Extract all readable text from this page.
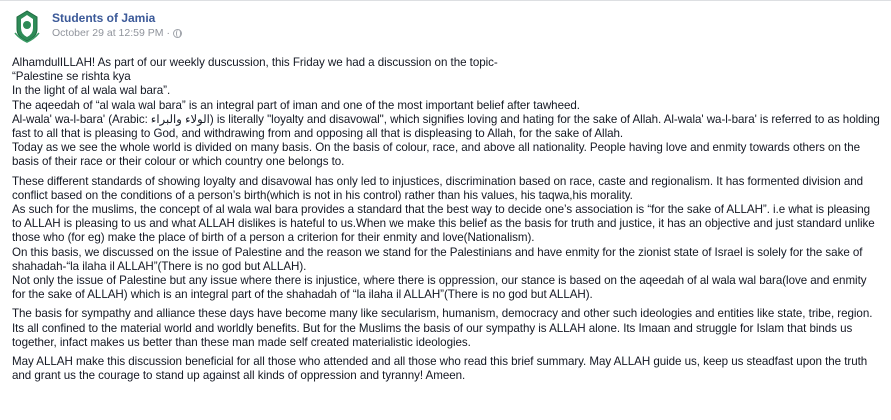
Students of Jamia
October 29 at 12:59 PM ·
AlhamdulILLAH! As part of our weekly duscussion, this Friday we had a discussion on the topic-
“Palestine se rishta kya
In the light of al wala wal bara”.
The aqeedah of “al wala wal bara” is an integral part of iman and one of the most important belief after tawheed.
Al-wala' wa-l-bara' (Arabic: الولاء والبراء) is literally "loyalty and disavowal", which signifies loving and hating for the sake of Allah. Al-wala' wa-l-bara' is referred to as holding fast to all that is pleasing to God, and withdrawing from and opposing all that is displeasing to Allah, for the sake of Allah.
Today as we see the whole world is divided on many basis. On the basis of colour, race, and above all nationality. People having love and enmity towards others on the basis of their race or their colour or which country one belongs to.
These different standards of showing loyalty and disavowal has only led to injustices, discrimination based on race, caste and regionalism. It has formented division and conflict based on the conditions of a person’s birth(which is not in his control) rather than his values, his taqwa,his morality.
As such for the muslims, the concept of al wala wal bara provides a standard that the best way to decide one’s association is “for the sake of ALLAH”. i.e what is pleasing to ALLAH is pleasing to us and what ALLAH dislikes is hateful to us.When we make this belief as the basis for truth and justice, it has an objective and just standard unlike those who (for eg) make the place of birth of a person a criterion for their enmity and love(Nationalism).
On this basis, we discussed on the issue of Palestine and the reason we stand for the Palestinians and have enmity for the zionist state of Israel is solely for the sake of shahadah-“la ilaha il ALLAH”(There is no god but ALLAH).
Not only the issue of Palestine but any issue where there is injustice, where there is oppression, our stance is based on the aqeedah of al wala wal bara(love and enmity for the sake of ALLAH) which is an integral part of the shahadah of “la ilaha il ALLAH”(There is no god but ALLAH).
The basis for sympathy and alliance these days have become many like secularism, humanism, democracy and other such ideologies and entities like state, tribe, region. Its all confined to the material world and worldly benefits. But for the Muslims the basis of our sympathy is ALLAH alone. Its Imaan and struggle for Islam that binds us together, infact makes us better than these man made self created materialistic ideologies.
May ALLAH make this discussion beneficial for all those who attended and all those who read this brief summary. May ALLAH guide us, keep us steadfast upon the truth and grant us the courage to stand up against all kinds of oppression and tyranny! Ameen.
